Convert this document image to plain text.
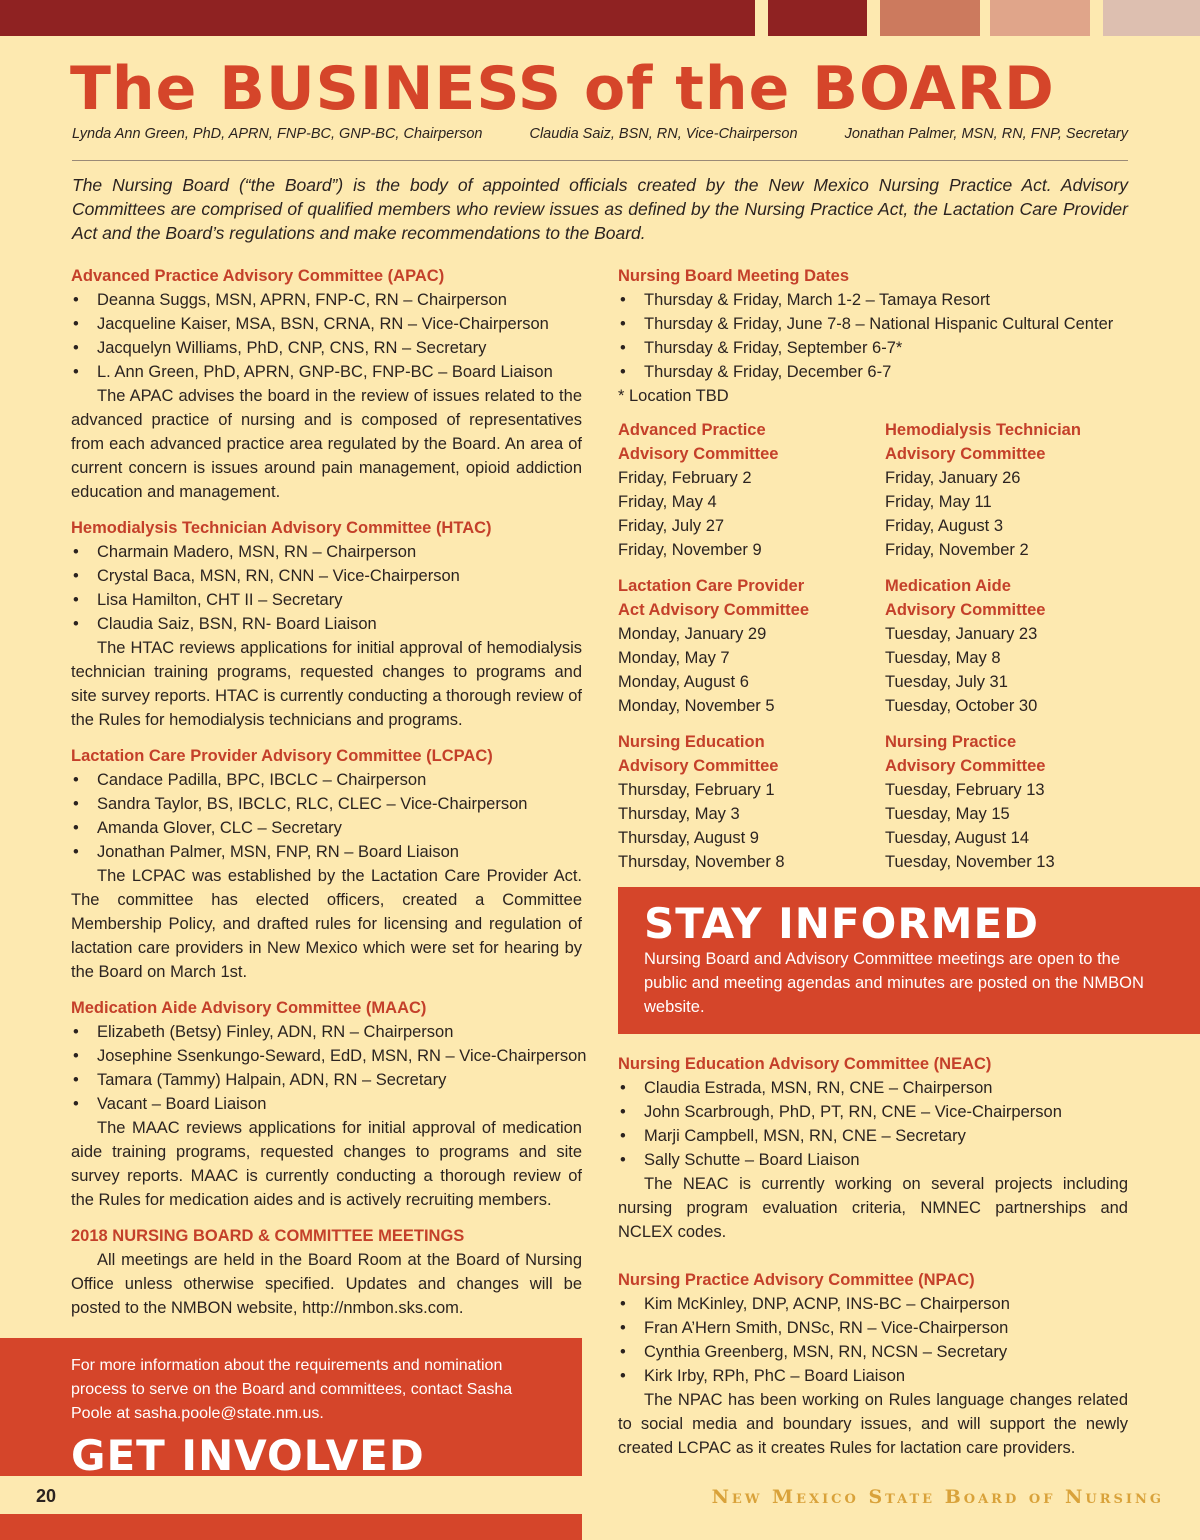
The BUSINESS of the BOARD
Lynda Ann Green, PhD, APRN, FNP-BC, GNP-BC, Chairperson	Claudia Saiz, BSN, RN, Vice-Chairperson	Jonathan Palmer, MSN, RN, FNP, Secretary

The Nursing Board (“the Board”) is the body of appointed officials created by the New Mexico Nursing Practice Act. Advisory Committees are comprised of qualified members who review issues as defined by the Nursing Practice Act, the Lactation Care Provider Act and the Board’s regulations and make recommendations to the Board.

Advanced Practice Advisory Committee (APAC)
• Deanna Suggs, MSN, APRN, FNP-C, RN – Chairperson
• Jacqueline Kaiser, MSA, BSN, CRNA, RN – Vice-Chairperson
• Jacquelyn Williams, PhD, CNP, CNS, RN – Secretary
• L. Ann Green, PhD, APRN, GNP-BC, FNP-BC – Board Liaison

The APAC advises the board in the review of issues related to the advanced practice of nursing and is composed of representatives from each advanced practice area regulated by the Board. An area of current concern is issues around pain management, opioid addiction education and management.

Hemodialysis Technician Advisory Committee (HTAC)
• Charmain Madero, MSN, RN – Chairperson
• Crystal Baca, MSN, RN, CNN – Vice-Chairperson
• Lisa Hamilton, CHT II – Secretary
• Claudia Saiz, BSN, RN- Board Liaison

The HTAC reviews applications for initial approval of hemodialysis technician training programs, requested changes to programs and site survey reports. HTAC is currently conducting a thorough review of the Rules for hemodialysis technicians and programs.

Lactation Care Provider Advisory Committee (LCPAC)
• Candace Padilla, BPC, IBCLC – Chairperson
• Sandra Taylor, BS, IBCLC, RLC, CLEC – Vice-Chairperson
• Amanda Glover, CLC – Secretary
• Jonathan Palmer, MSN, FNP, RN – Board Liaison

The LCPAC was established by the Lactation Care Provider Act. The committee has elected officers, created a Committee Membership Policy, and drafted rules for licensing and regulation of lactation care providers in New Mexico which were set for hearing by the Board on March 1st.

Medication Aide Advisory Committee (MAAC)
• Elizabeth (Betsy) Finley, ADN, RN – Chairperson
• Josephine Ssenkungo-Seward, EdD, MSN, RN – Vice-Chairperson
• Tamara (Tammy) Halpain, ADN, RN – Secretary
• Vacant – Board Liaison

The MAAC reviews applications for initial approval of medication aide training programs, requested changes to programs and site survey reports. MAAC is currently conducting a thorough review of the Rules for medication aides and is actively recruiting members.

2018 NURSING BOARD & COMMITTEE MEETINGS

All meetings are held in the Board Room at the Board of Nursing Office unless otherwise specified. Updates and changes will be posted to the NMBON website, http://nmbon.sks.com.

Nursing Board Meeting Dates
• Thursday & Friday, March 1-2 – Tamaya Resort
• Thursday & Friday, June 7-8 – National Hispanic Cultural Center
• Thursday & Friday, September 6-7*
• Thursday & Friday, December 6-7
* Location TBD
Advanced Practice
Advisory Committee
Friday, February 2
Friday, May 4
Friday, July 27
Friday, November 9
Hemodialysis Technician
Advisory Committee
Friday, January 26
Friday, May 11
Friday, August 3
Friday, November 2
Lactation Care Provider
Act Advisory Committee
Monday, January 29
Monday, May 7
Monday, August 6
Monday, November 5
Medication Aide
Advisory Committee
Tuesday, January 23
Tuesday, May 8
Tuesday, July 31
Tuesday, October 30
Nursing Education
Advisory Committee
Thursday, February 1
Thursday, May 3
Thursday, August 9
Thursday, November 8
Nursing Practice
Advisory Committee
Tuesday, February 13
Tuesday, May 15
Tuesday, August 14
Tuesday, November 13
STAY INFORMED
Nursing Board and Advisory Committee meetings are open to the public and meeting agendas and minutes are posted on the NMBON website.
Nursing Education Advisory Committee (NEAC)
• Claudia Estrada, MSN, RN, CNE – Chairperson
• John Scarbrough, PhD, PT, RN, CNE – Vice-Chairperson
• Marji Campbell, MSN, RN, CNE – Secretary
• Sally Schutte – Board Liaison

The NEAC is currently working on several projects including nursing program evaluation criteria, NMNEC partnerships and NCLEX codes.

Nursing Practice Advisory Committee (NPAC)
• Kim McKinley, DNP, ACNP, INS-BC – Chairperson
• Fran A’Hern Smith, DNSc, RN – Vice-Chairperson
• Cynthia Greenberg, MSN, RN, NCSN – Secretary
• Kirk Irby, RPh, PhC – Board Liaison

The NPAC has been working on Rules language changes related to social media and boundary issues, and will support the newly created LCPAC as it creates Rules for lactation care providers.

For more information about the requirements and nomination process to serve on the Board and committees, contact Sasha Poole at sasha.poole@state.nm.us.
GET INVOLVED
20	New Mexico State Board of Nursing
